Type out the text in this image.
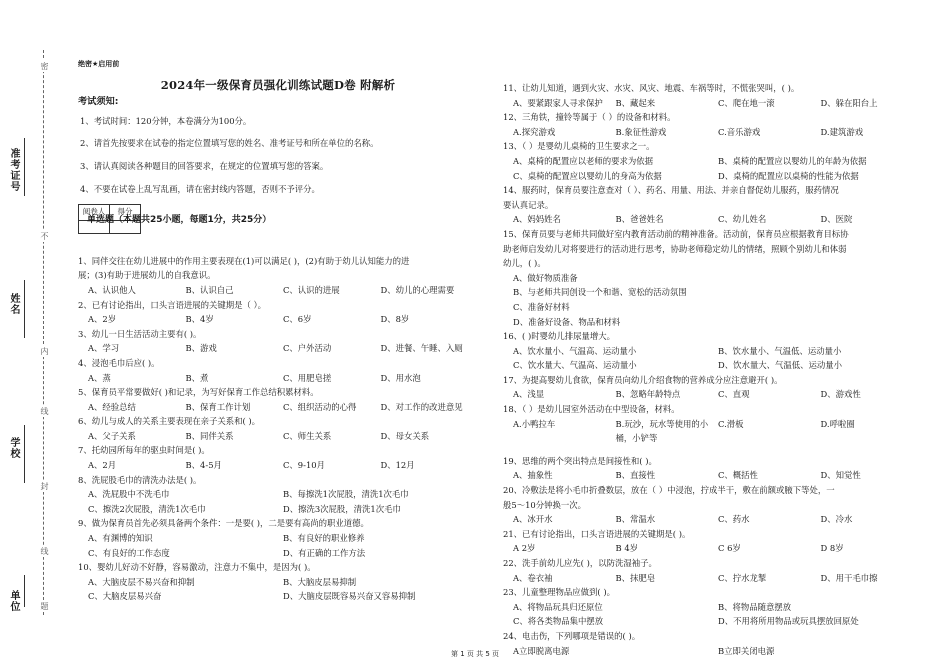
准考证号
姓名
学校
单位
密
不
内
线
封
线
题
绝密★启用前
2024年一级保育员强化训练试题D卷 附解析
考试须知:
1、考试时间：120分钟，本卷满分为100分。
2、请首先按要求在试卷的指定位置填写您的姓名、准考证号和所在单位的名称。
3、请认真阅读各种题目的回答要求，在规定的位置填写您的答案。
4、不要在试卷上乱写乱画，请在密封线内答题，否则不予评分。
阅卷人	得分

1、同伴交往在幼儿进展中的作用主要表现在(1)可以满足( )，(2)有助于幼儿认知能力的进
展；(3)有助于进展幼儿的自我意识。
A、认识他人	B、认识自己	C、认识的进展	D、幼儿的心理需要
2、已有讨论指出，口头言语进展的关键期是（ ）。
A、2岁	B、4岁	C、6岁	D、8岁
3、幼儿一日生活活动主要有( )。
A、学习	B、游戏	C、户外活动	D、进餐、午睡、入厕
4、浸泡毛巾后应( )。
A、蒸	B、煮	C、用肥皂搓	D、用水泡
5、保育员平常要做好( )和记录，为写好保育工作总结积累材料。
A、经验总结	B、保育工作计划	C、组织活动的心得	D、对工作的改进意见
6、幼儿与成人的关系主要表现在亲子关系和( )。
A、父子关系	B、同伴关系	C、师生关系	D、母女关系
7、托幼园所每年的驱虫时间是( )。
A、2月	B、4-5月	C、9-10月	D、12月
8、洗屁股毛巾的清洗办法是( )。
A、洗屁股中不洗毛巾	B、每擦洗1次屁股，清洗1次毛巾
C、擦洗2次屁股，清洗1次毛巾	D、擦洗3次屁股，清洗1次毛巾
9、做为保育员首先必须具备两个条件：一是要( )，二是要有高尚的职业道德。
A、有渊博的知识	B、有良好的职业修养
C、有良好的工作态度	D、有正确的工作方法
10、婴幼儿好动不好静，容易激动，注意力不集中，是因为( )。
A、大脑皮层不易兴奋和抑制	B、大脑皮层易抑制
C、大脑皮层易兴奋	D、大脑皮层既容易兴奋又容易抑制
单选题（本题共25小题，每题1分，共25分）
11、让幼儿知道，遇到火灾、水灾、风灾、地震、车祸等时，不慌张哭叫，( )。
A、要紧跟家人寻求保护	B、藏起来	C、爬在地一滚	D、躲在阳台上
12、三角铁，撞铃等属于（ ）的设备和材料。
A.探究游戏	B.象征性游戏	C.音乐游戏	D.建筑游戏
13、（ ）是婴幼儿桌椅的卫生要求之一。
A、桌椅的配置应以老师的要求为依据	B、桌椅的配置应以婴幼儿的年龄为依据
C、桌椅的配置应以婴幼儿的身高为依据	D、桌椅的配置应以桌椅的性能为依据
14、服药时，保育员要注意查对（ ）、药名、用量、用法、并亲自督促幼儿服药，服药情况
要认真记录。
A、妈妈姓名	B、爸爸姓名	C、幼儿姓名	D、医院
15、保育员要与老师共同做好室内教育活动前的精神准备。活动前，保育员应根据教育目标协
助老师启发幼儿对将要进行的活动进行思考，协助老师稳定幼儿的情绪，照顾个别幼儿和体弱
幼儿，( )。
A、做好物质准备
B、与老师共同创设一个和谐、宽松的活动氛围
C、准备好材料
D、准备好设备、物品和材料
16、( )时婴幼儿排尿量增大。
A、饮水量小、气温高、运动量小	B、饮水量小、气温低、运动量小
C、饮水量大、气温高、运动量小	D、饮水量大、气温低、运动量小
17、为提高婴幼儿食欲，保育员向幼儿介绍食物的营养成分应注意避开( )。
A、浅显	B、忽略年龄特点	C、直观	D、游戏性
18、（ ）是幼儿园室外活动在中型设备，材料。
A.小鸭拉车	B.玩沙，玩水等使用的小桶，小铲等
C.滑板	D.呼啦圈
19、思维的两个突出特点是间接性和( )。
A、抽象性	B、直接性	C、概括性	D、知觉性
20、冷敷法是将小毛巾折叠数层，放在（ ）中浸泡，拧成半干，敷在前额或腋下等处，一
般5～10分钟换一次。
A、冰开水	B、常温水	C、药水	D、冷水
21、已有讨论指出，口头言语进展的关键期是( )。
A 2岁	B 4岁	C 6岁	D 8岁
22、洗手前幼儿应先( )，以防洗湿袖子。
A、卷衣袖	B、抹肥皂	C、拧水龙掣	D、用干毛巾擦
23、儿童整理物品应做到( )。
A、将物品玩具归还原位	B、将物品随意摆放
C、将各类物品集中摆放	D、不用将所用物品或玩具摆放回原处
24、电击伤，下列哪项是错误的( )。
A立即脱离电源	B立即关闭电源
第 1 页 共 5 页
